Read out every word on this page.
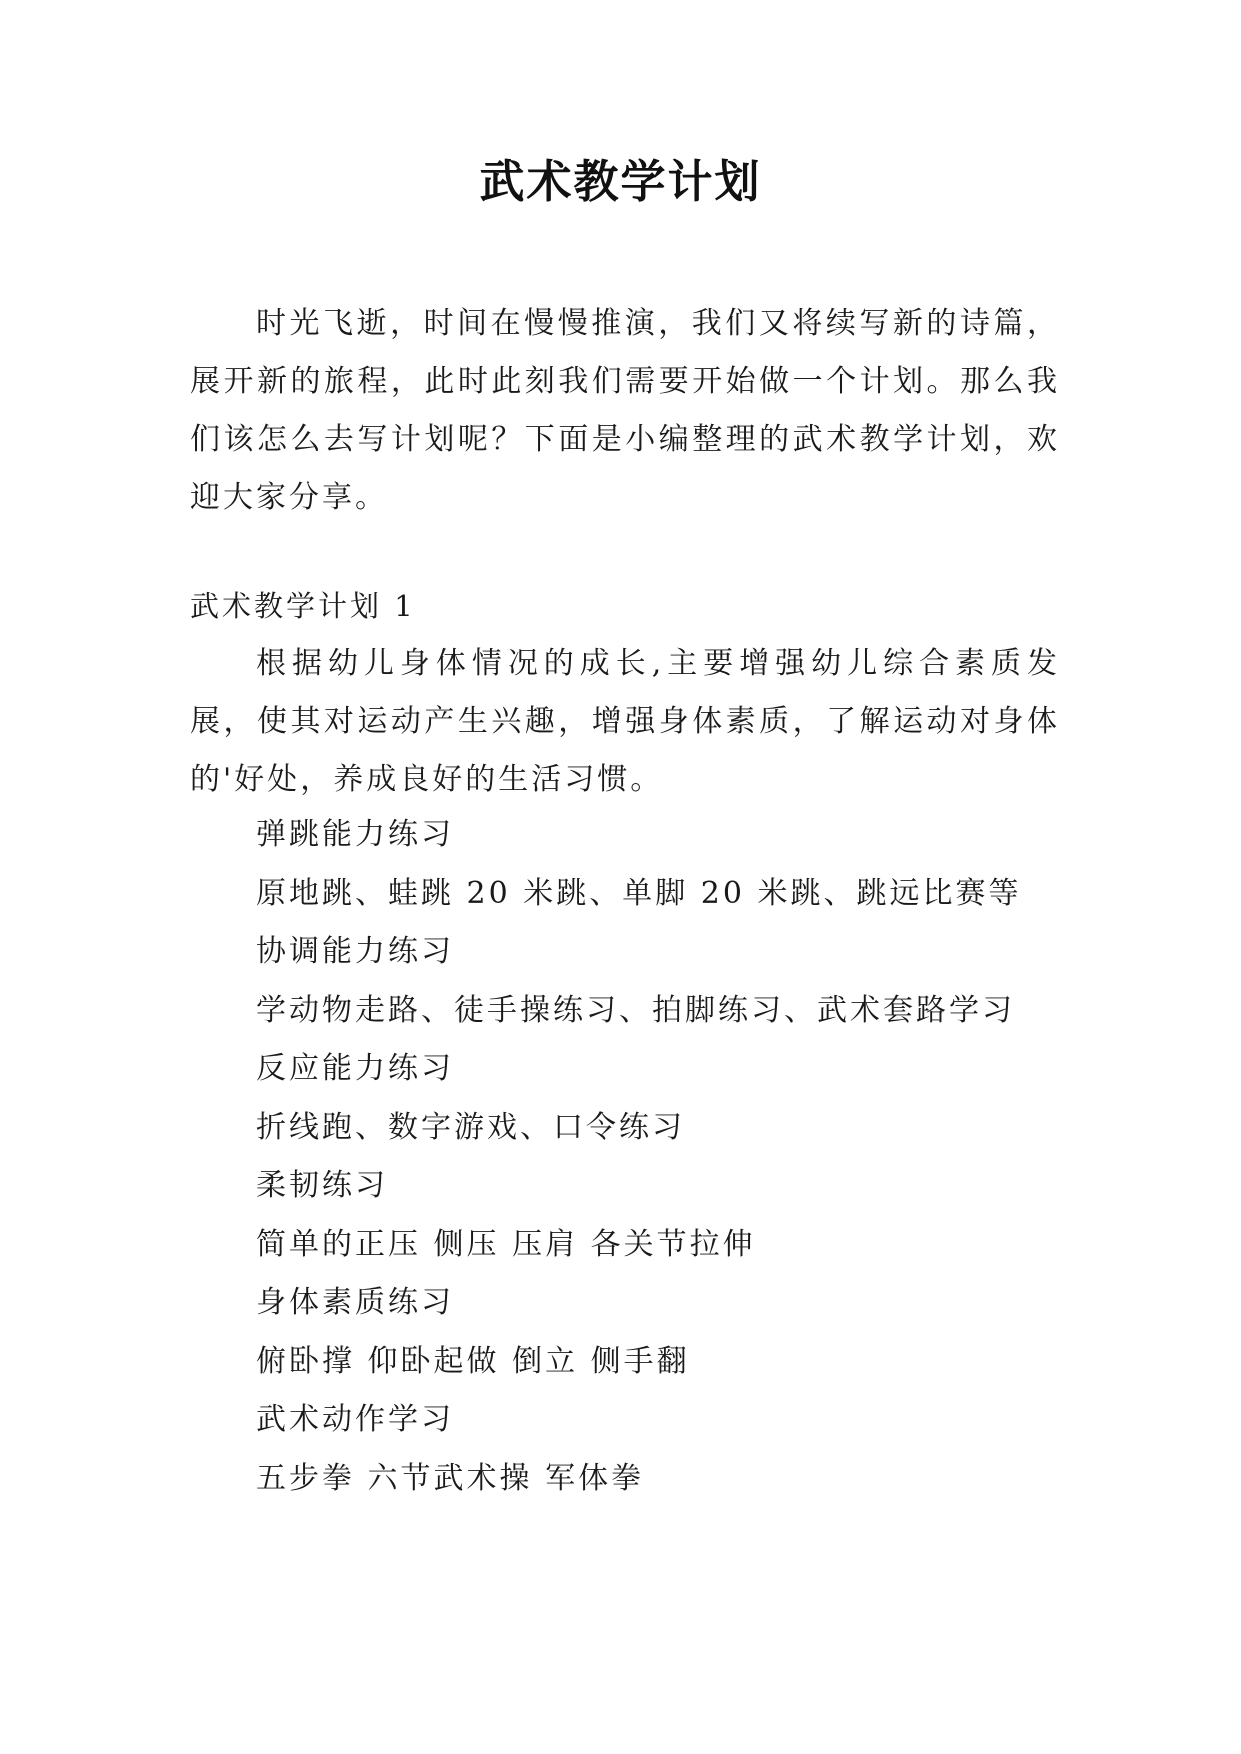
武术教学计划

时光飞逝，时间在慢慢推演，我们又将续写新的诗篇，展开新的旅程，此时此刻我们需要开始做一个计划。那么我们该怎么去写计划呢？下面是小编整理的武术教学计划，欢迎大家分享。

武术教学计划 1

根据幼儿身体情况的成长,主要增强幼儿综合素质发展，使其对运动产生兴趣，增强身体素质，了解运动对身体的'好处，养成良好的生活习惯。

弹跳能力练习
原地跳、蛙跳 20 米跳、单脚 20 米跳、跳远比赛等
协调能力练习
学动物走路、徒手操练习、拍脚练习、武术套路学习
反应能力练习
折线跑、数字游戏、口令练习
柔韧练习
简单的正压 侧压 压肩 各关节拉伸
身体素质练习
俯卧撑 仰卧起做 倒立 侧手翻
武术动作学习
五步拳 六节武术操 军体拳
